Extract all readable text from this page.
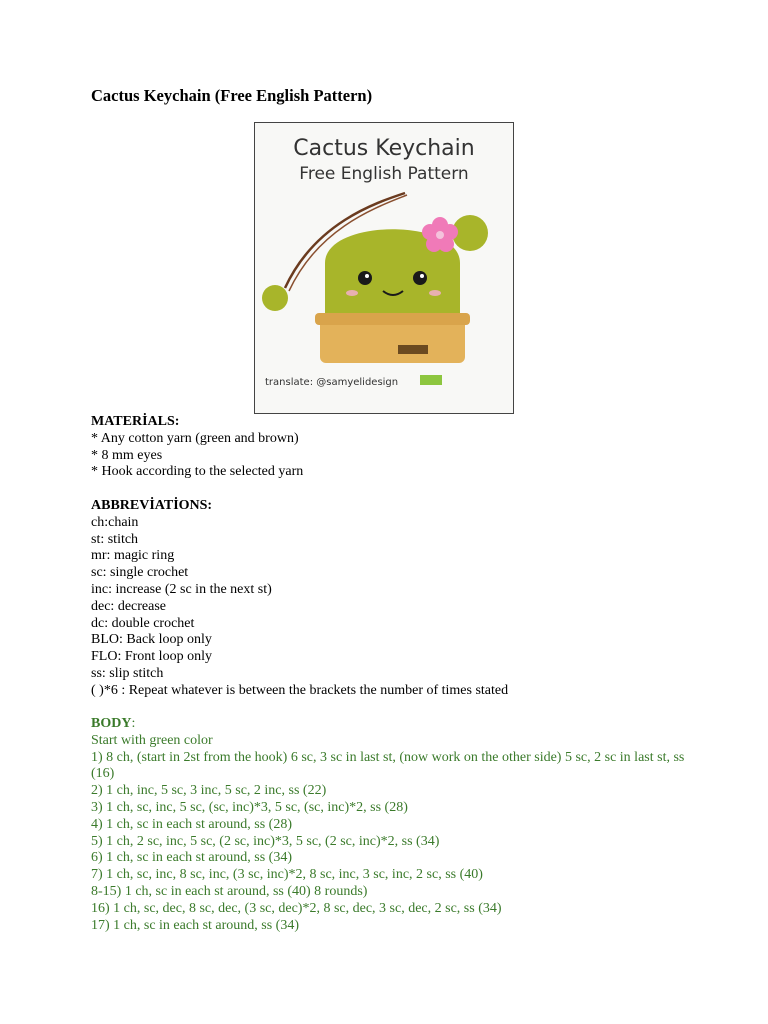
Cactus Keychain (Free English Pattern)
Cactus Keychain
Free English Pattern
translate: @samyelidesign
MATERİALS:
* Any cotton yarn (green and brown)
* 8 mm eyes
* Hook according to the selected yarn
ABBREVİATİONS:
ch:chain
st: stitch
mr: magic ring
sc: single crochet
inc: increase (2 sc in the next st)
dec: decrease
dc: double crochet
BLO: Back loop only
FLO: Front loop only
ss: slip stitch
( )*6 : Repeat whatever is between the brackets the number of times stated
BODY:
Start with green color
1) 8 ch, (start in 2st from the hook) 6 sc, 3 sc in last st, (now work on the other side) 5 sc, 2 sc in last st, ss (16)
2) 1 ch, inc, 5 sc, 3 inc, 5 sc, 2 inc, ss (22)
3) 1 ch, sc, inc, 5 sc, (sc, inc)*3, 5 sc, (sc, inc)*2, ss (28)
4) 1 ch, sc in each st around, ss (28)
5) 1 ch, 2 sc, inc, 5 sc, (2 sc, inc)*3, 5 sc, (2 sc, inc)*2, ss (34)
6) 1 ch, sc in each st around, ss (34)
7) 1 ch, sc, inc, 8 sc, inc, (3 sc, inc)*2, 8 sc, inc, 3 sc, inc, 2 sc, ss (40)
8-15) 1 ch, sc in each st around, ss (40) 8 rounds)
16) 1 ch, sc, dec, 8 sc, dec, (3 sc, dec)*2, 8 sc, dec, 3 sc, dec, 2 sc, ss (34)
17) 1 ch, sc in each st around, ss (34)
